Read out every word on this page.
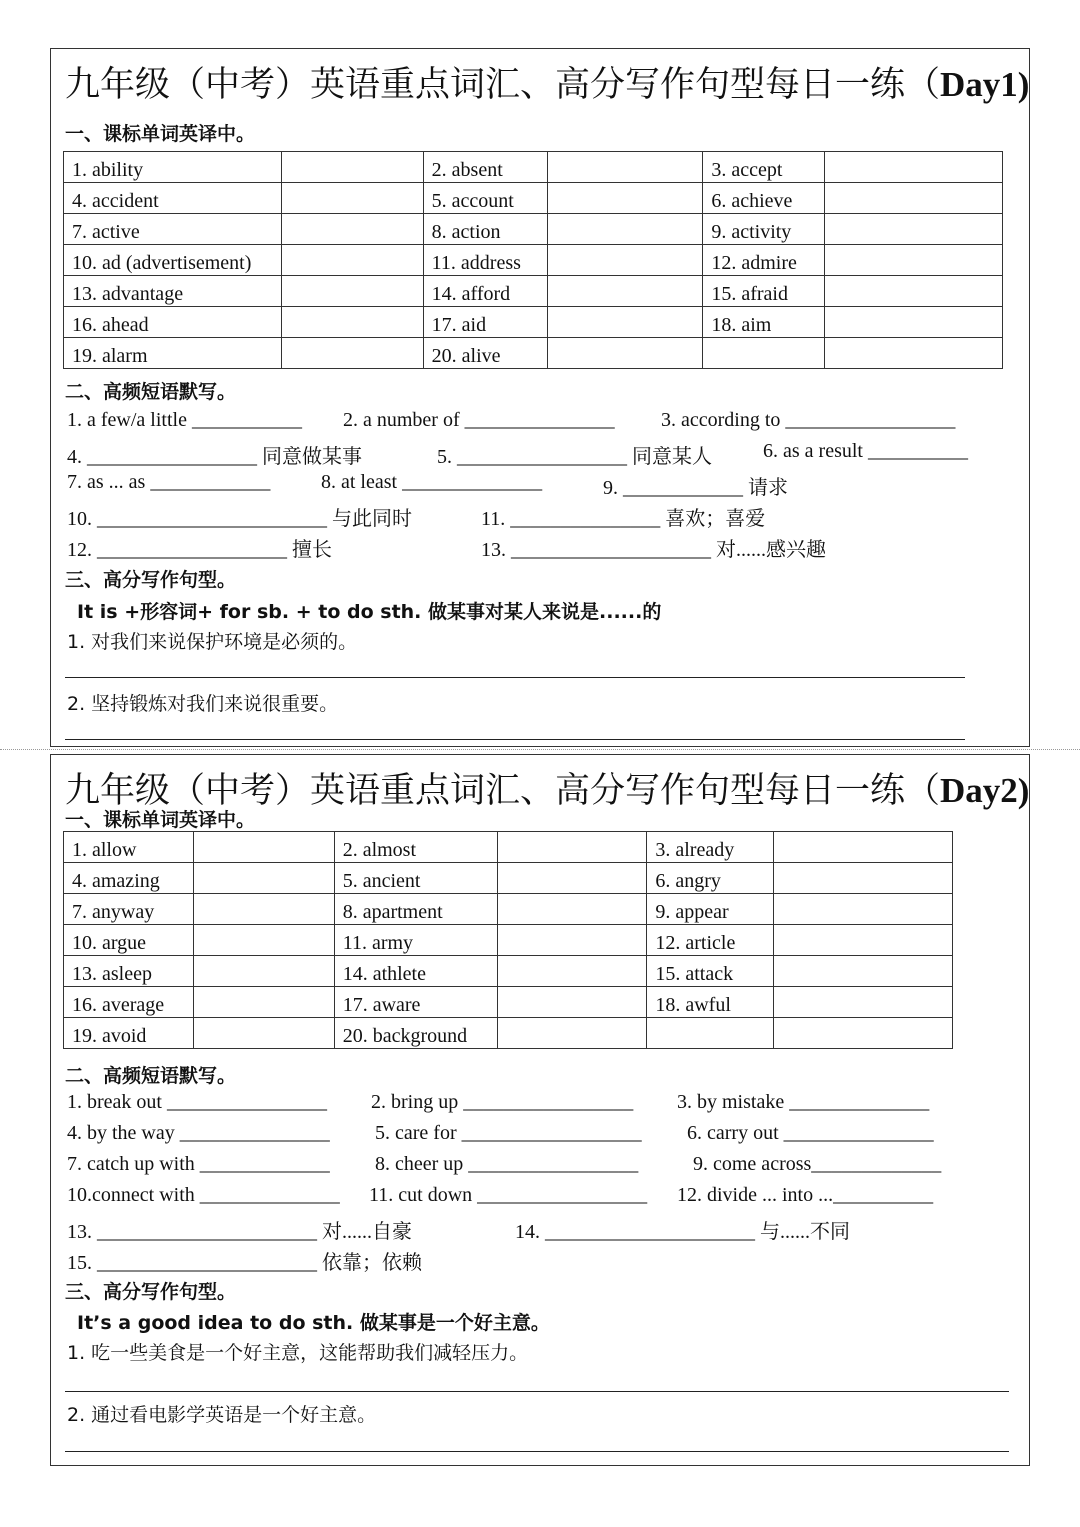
九年级（中考）英语重点词汇、高分写作句型每日一练（Day1)
一、课标单词英译中。
1. ability		2. absent		3. accept	
4. accident		5. account		6. achieve	
7. active		8. action		9. activity	
10. ad (advertisement)		11. address		12. admire	
13. advantage		14. afford		15. afraid	
16. ahead		17. aid		18. aim	
19. alarm		20. alive			
二、高频短语默写。
1. a few/a little ___________ 2. a number of _______________ 3. according to _________________
4. _________________ 同意做某事	5. _________________ 同意某人	6. as a result __________
7. as ... as ____________	8. at least ______________	9. ____________ 请求
10. _______________________ 与此同时	11. _______________ 喜欢；喜爱
12. ___________________ 擅长	13. ____________________ 对......感兴趣
三、高分写作句型。
It is +形容词+ for sb. + to do sth. 做某事对某人来说是......的
1. 对我们来说保护环境是必须的。
2. 坚持锻炼对我们来说很重要。
九年级（中考）英语重点词汇、高分写作句型每日一练（Day2)
一、课标单词英译中。
1. allow		2. almost		3. already	
4. amazing		5. ancient		6. angry	
7. anyway		8. apartment		9. appear	
10. argue		11. army		12. article	
13. asleep		14. athlete		15. attack	
16. average		17. aware		18. awful	
19. avoid		20. background			
二、高频短语默写。
1. break out ________________ 2. bring up _________________ 3. by mistake ______________
4. by the way _______________ 5. care for __________________ 6. carry out _______________
7. catch up with _____________ 8. cheer up _________________	9. come across_____________
10.connect with ______________ 11. cut down _________________ 12. divide ... into ...__________
13. ______________________ 对......自豪	14. _____________________ 与......不同
15. ______________________ 依靠；依赖
三、高分写作句型。
It’s a good idea to do sth. 做某事是一个好主意。
1. 吃一些美食是一个好主意，这能帮助我们减轻压力。
2. 通过看电影学英语是一个好主意。
